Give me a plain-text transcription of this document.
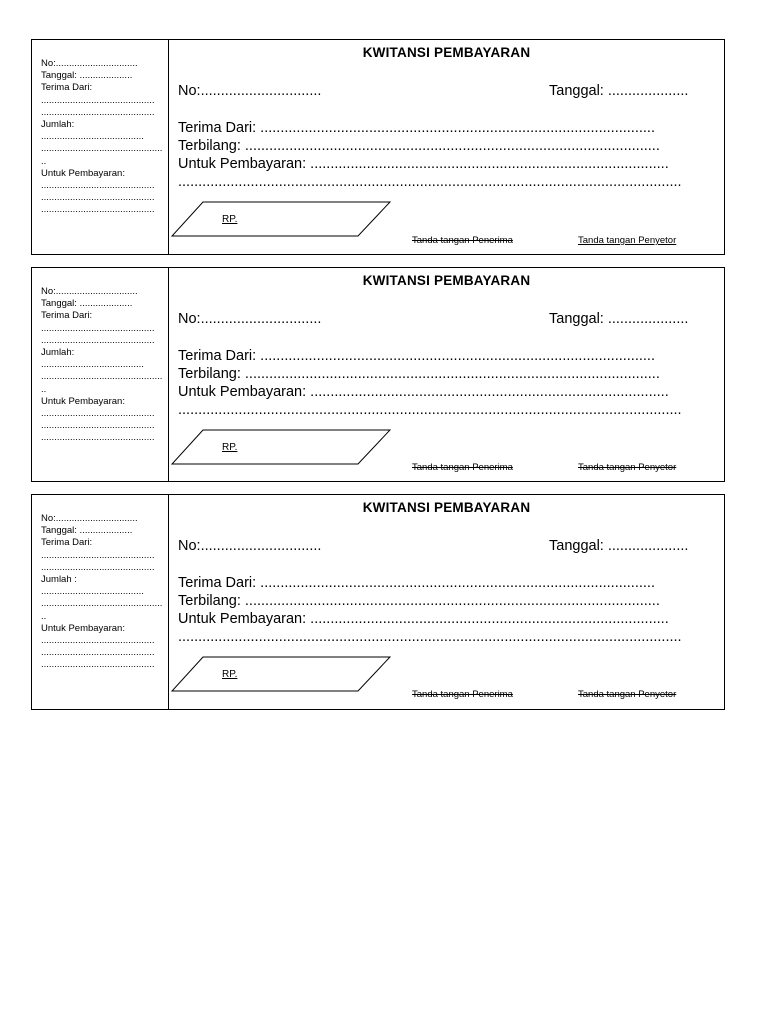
No:...............................
Tanggal: ....................
Terima Dari:
...........................................
...........................................
Jumlah:
.......................................
..............................................
..
Untuk Pembayaran:
...........................................
...........................................
...........................................
KWITANSI PEMBAYARAN
No:..............................	Tanggal: ....................
Terima Dari: ..................................................................................................
Terbilang: .......................................................................................................
Untuk Pembayaran: .........................................................................................
.............................................................................................................................
RP.
Tanda tangan Penerima	Tanda tangan Penyetor
No:...............................
Tanggal: ....................
Terima Dari:
...........................................
...........................................
Jumlah:
.......................................
..............................................
..
Untuk Pembayaran:
...........................................
...........................................
...........................................
KWITANSI PEMBAYARAN
No:..............................	Tanggal: ....................
Terima Dari: ..................................................................................................
Terbilang: .......................................................................................................
Untuk Pembayaran: .........................................................................................
.............................................................................................................................
RP.
Tanda tangan Penerima	Tanda tangan Penyetor
No:...............................
Tanggal: ....................
Terima Dari:
...........................................
...........................................
Jumlah :
.......................................
..............................................
..
Untuk Pembayaran:
...........................................
...........................................
...........................................
KWITANSI PEMBAYARAN
No:..............................	Tanggal: ....................
Terima Dari: ..................................................................................................
Terbilang: .......................................................................................................
Untuk Pembayaran: .........................................................................................
.............................................................................................................................
RP.
Tanda tangan Penerima	Tanda tangan Penyetor
